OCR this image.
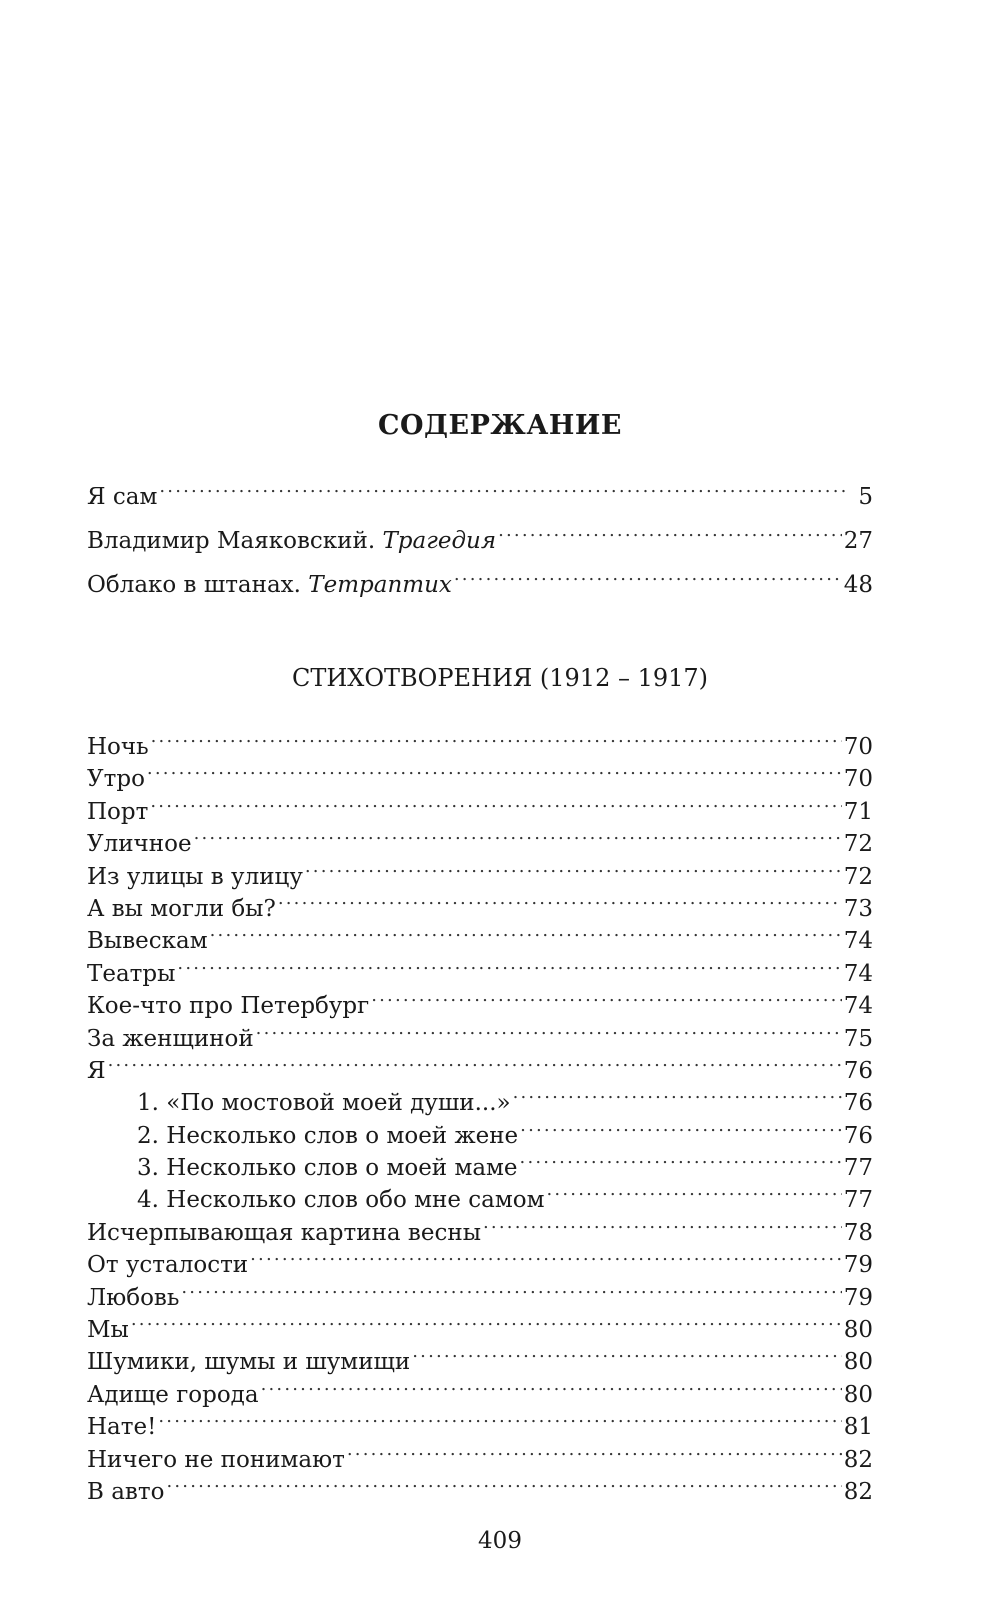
СОДЕРЖАНИЕ
Я сам .....	5
Владимир Маяковский. Трагедия .....	27
Облако в штанах. Тетраптих .....	48
СТИХОТВОРЕНИЯ (1912 – 1917)
Ночь .....	70
Утро .....	70
Порт .....	71
Уличное .....	72
Из улицы в улицу .....	72
А вы могли бы? .....	73
Вывескам .....	74
Театры .....	74
Кое-что про Петербург .....	74
За женщиной .....	75
Я .....	76
1. «По мостовой моей души...» .....	76
2. Несколько слов о моей жене .....	76
3. Несколько слов о моей маме .....	77
4. Несколько слов обо мне самом .....	77
Исчерпывающая картина весны .....	78
От усталости .....	79
Любовь .....	79
Мы .....	80
Шумики, шумы и шумищи .....	80
Адище города .....	80
Нате! .....	81
Ничего не понимают .....	82
В авто .....	82
409
